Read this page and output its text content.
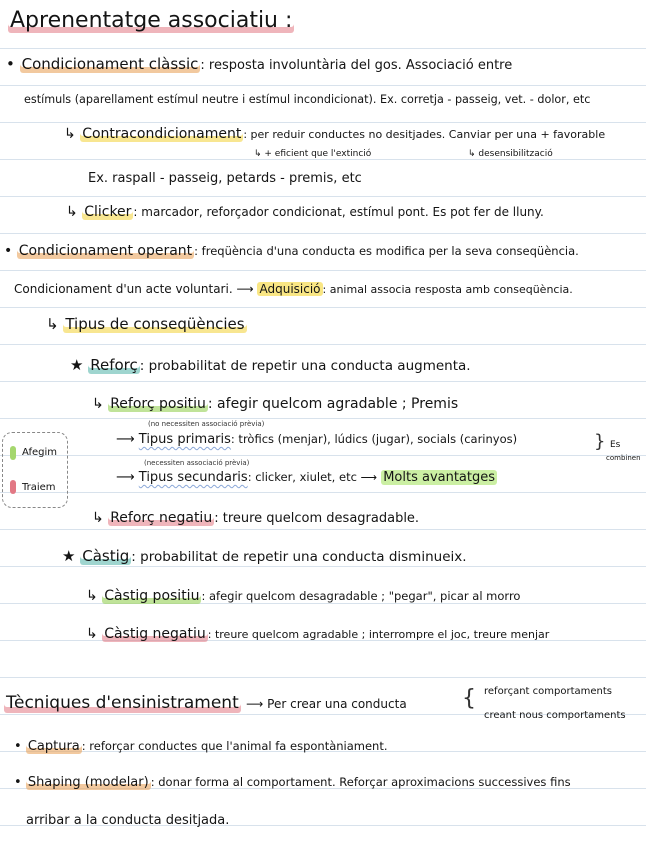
Aprenentatge associatiu :
• Condicionament clàssic : resposta involuntària del gos. Associació entre
estímuls (aparellament estímul neutre i estímul incondicionat). Ex. corretja - passeig, vet. - dolor, etc
↳ Contracondicionament : per reduir conductes no desitjades. Canviar per una + favorable
↳ + eficient que l'extinció	↳ desensibilització
Ex. raspall - passeig, petards - premis, etc
↳ Clicker : marcador, reforçador condicionat, estímul pont. Es pot fer de lluny.
• Condicionament operant : freqüència d'una conducta es modifica per la seva conseqüència.
Condicionament d'un acte voluntari. ⟶ Adquisició : animal associa resposta amb conseqüència.
↳ Tipus de conseqüències
★ Reforç : probabilitat de repetir una conducta augmenta.
↳ Reforç positiu : afegir quelcom agradable ; Premis
(no necessiten associació prèvia)
⟶ Tipus primaris: tròfics (menjar), lúdics (jugar), socials (carinyos)
(necessiten associació prèvia)
⟶ Tipus secundaris: clicker, xiulet, etc ⟶ Molts avantatges
} Es
combinen
↳ Reforç negatiu : treure quelcom desagradable.
★ Càstig : probabilitat de repetir una conducta disminueix.
↳ Càstig positiu : afegir quelcom desagradable ; "pegar", picar al morro
↳ Càstig negatiu : treure quelcom agradable ; interrompre el joc, treure menjar
Afegim
Traiem
Tècniques d'ensinistrament ⟶ Per crear una conducta	{ reforçant comportaments
creant nous comportaments
• Captura : reforçar conductes que l'animal fa espontàniament.
• Shaping (modelar) : donar forma al comportament. Reforçar aproximacions successives fins
arribar a la conducta desitjada.
